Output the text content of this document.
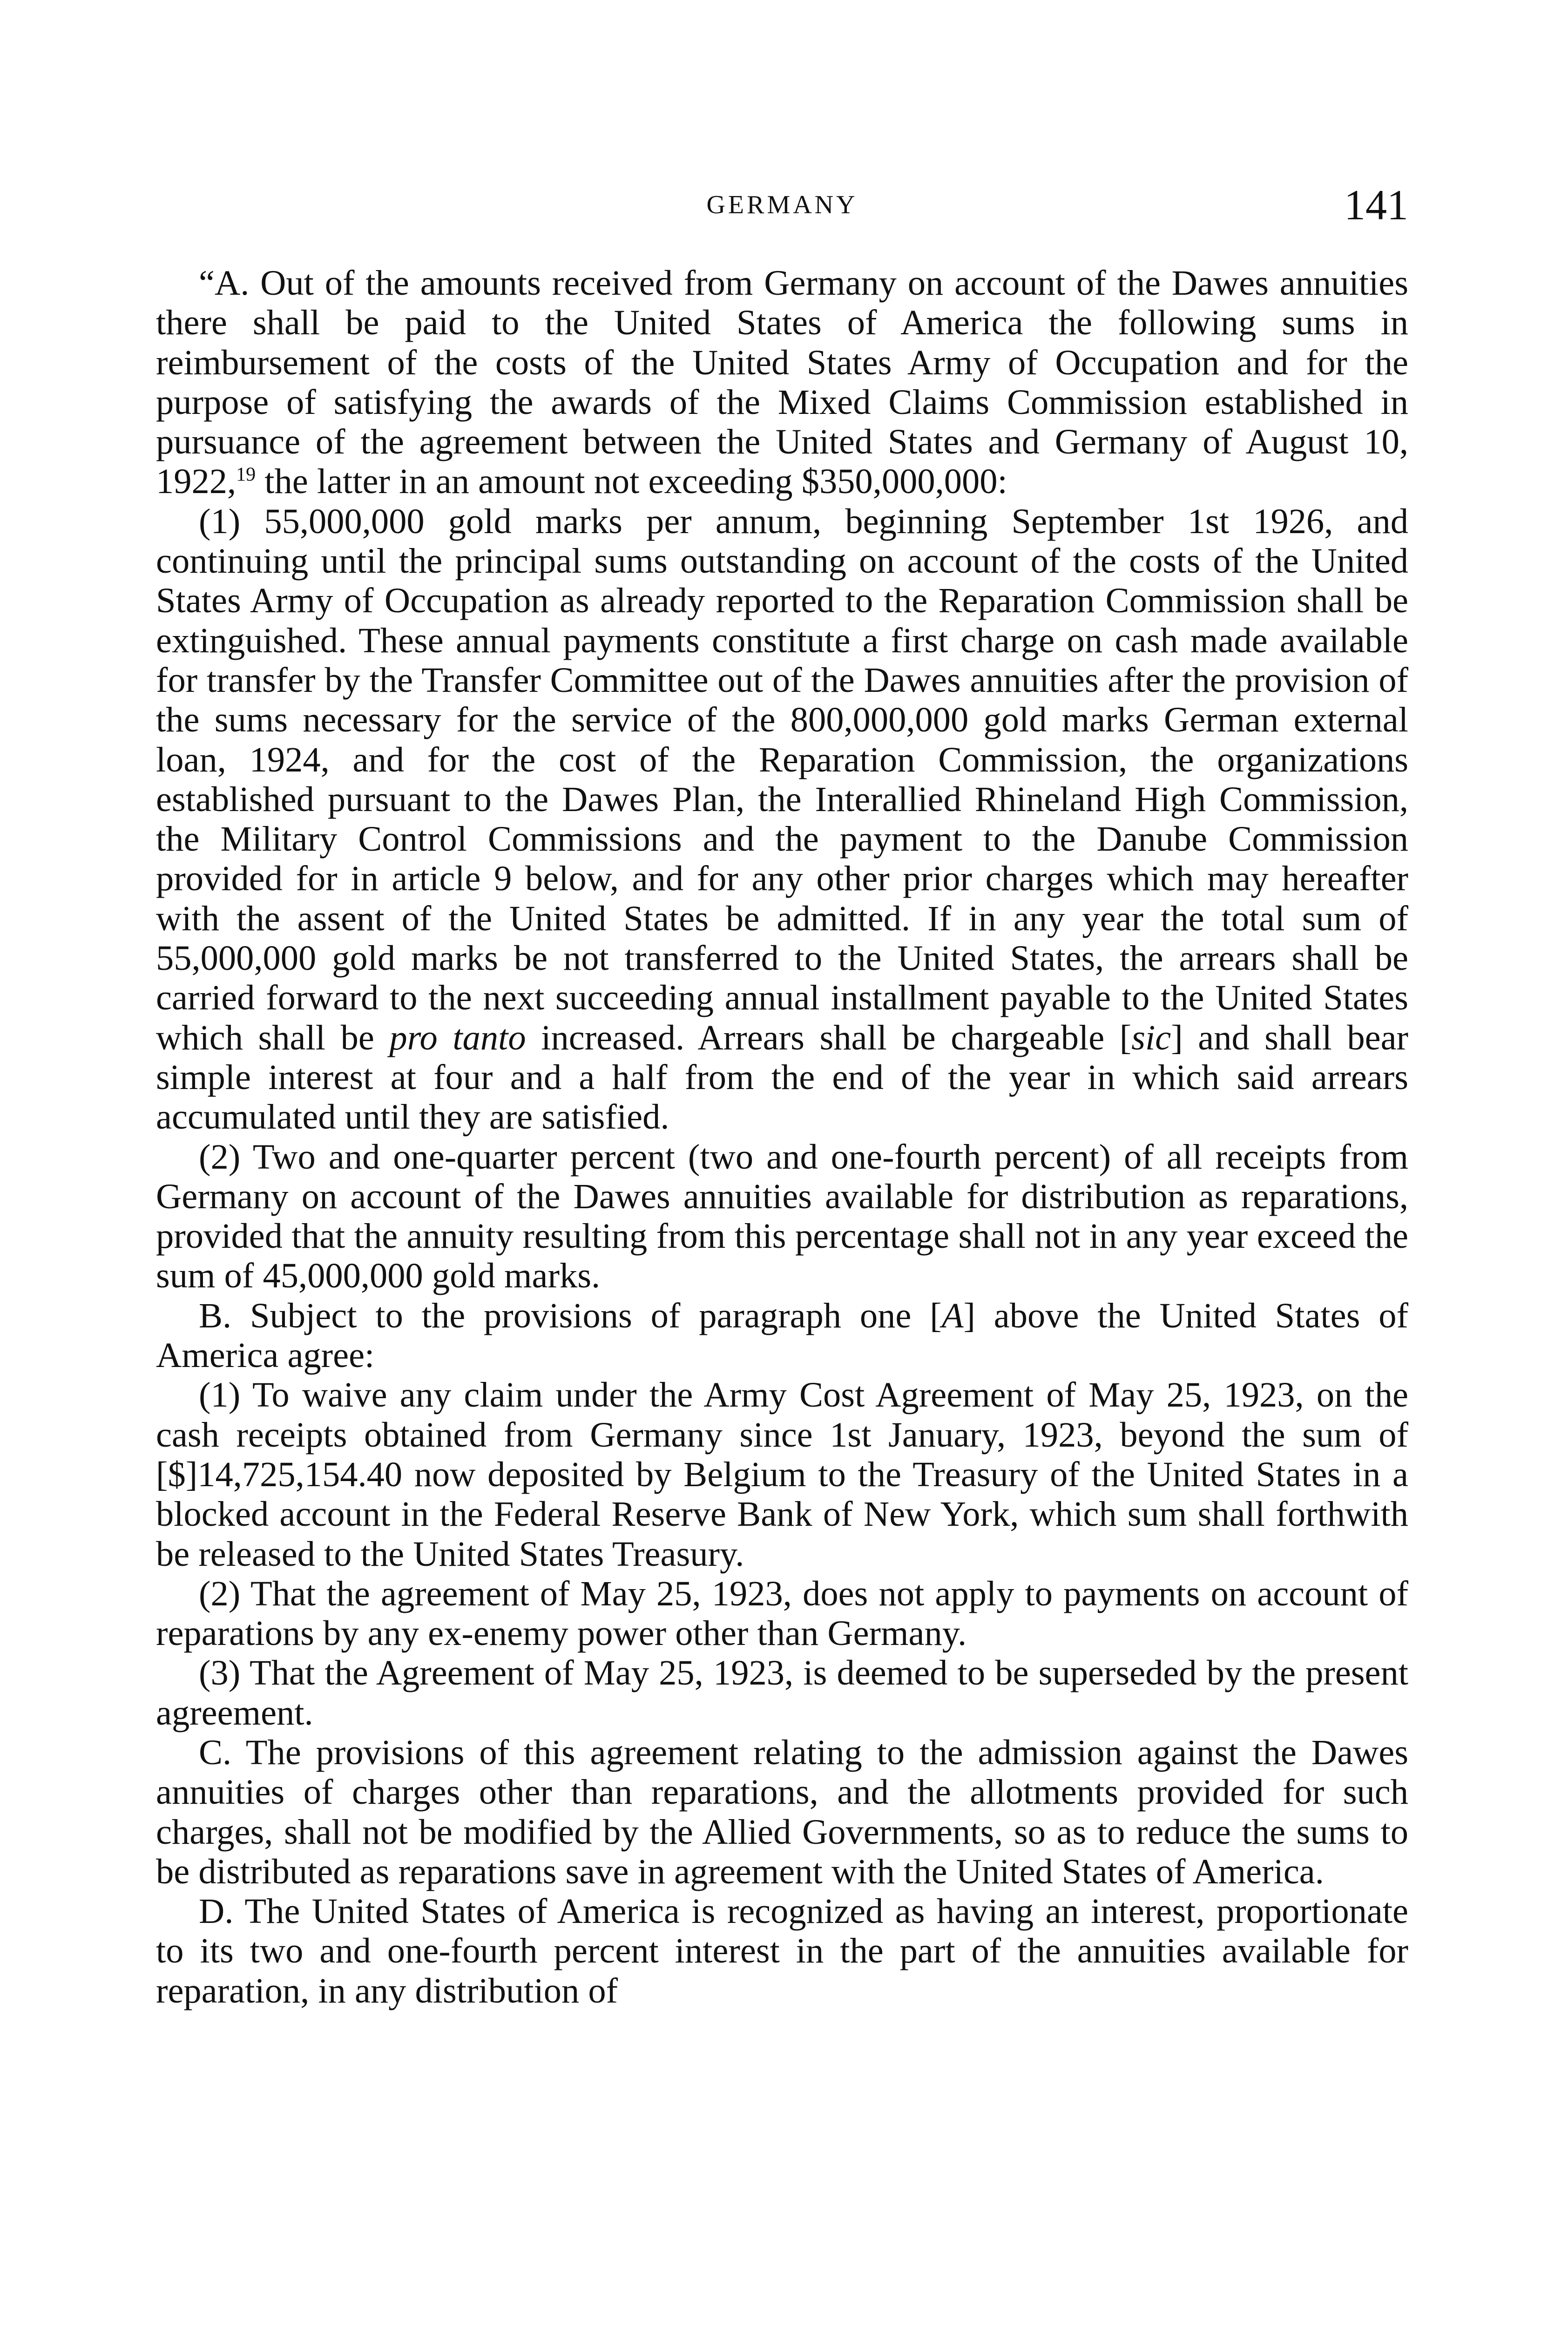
GERMANY	141

“A. Out of the amounts received from Germany on account of the Dawes annuities there shall be paid to the United States of America the following sums in reimbursement of the costs of the United States Army of Occupation and for the purpose of satisfying the awards of the Mixed Claims Commission established in pursuance of the agreement between the United States and Germany of August 10, 1922,19 the latter in an amount not exceeding $350,000,000:

(1) 55,000,000 gold marks per annum, beginning September 1st 1926, and continuing until the principal sums outstanding on account of the costs of the United States Army of Occupation as already reported to the Reparation Commission shall be extinguished. These annual payments constitute a first charge on cash made available for transfer by the Transfer Committee out of the Dawes annuities after the provision of the sums necessary for the service of the 800,000,000 gold marks German external loan, 1924, and for the cost of the Reparation Commission, the organizations established pursuant to the Dawes Plan, the Interallied Rhineland High Commission, the Military Control Commissions and the payment to the Danube Commission provided for in article 9 below, and for any other prior charges which may hereafter with the assent of the United States be admitted. If in any year the total sum of 55,000,000 gold marks be not transferred to the United States, the arrears shall be carried forward to the next succeeding annual installment payable to the United States which shall be pro tanto increased. Arrears shall be chargeable [sic] and shall bear simple interest at four and a half from the end of the year in which said arrears accumulated until they are satisfied.

(2) Two and one-quarter percent (two and one-fourth percent) of all receipts from Germany on account of the Dawes annuities available for distribution as reparations, provided that the annuity resulting from this percentage shall not in any year exceed the sum of 45,000,000 gold marks.

B. Subject to the provisions of paragraph one [A] above the United States of America agree:

(1) To waive any claim under the Army Cost Agreement of May 25, 1923, on the cash receipts obtained from Germany since 1st January, 1923, beyond the sum of [$]14,725,154.40 now deposited by Belgium to the Treasury of the United States in a blocked account in the Federal Reserve Bank of New York, which sum shall forthwith be released to the United States Treasury.

(2) That the agreement of May 25, 1923, does not apply to payments on account of reparations by any ex-enemy power other than Germany.

(3) That the Agreement of May 25, 1923, is deemed to be superseded by the present agreement.

C. The provisions of this agreement relating to the admission against the Dawes annuities of charges other than reparations, and the allotments provided for such charges, shall not be modified by the Allied Governments, so as to reduce the sums to be distributed as reparations save in agreement with the United States of America.

D. The United States of America is recognized as having an interest, proportionate to its two and one-fourth percent interest in the part of the annuities available for reparation, in any distribution of
